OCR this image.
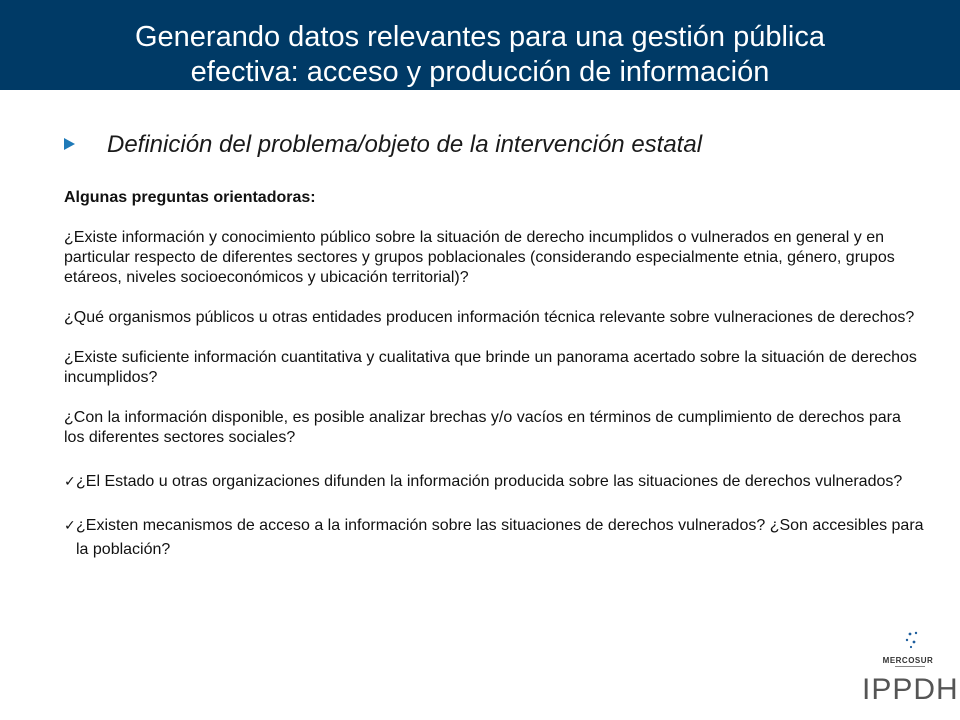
Generando datos relevantes para una gestión pública
efectiva: acceso y producción de información
Definición del problema/objeto de la intervención estatal

Algunas preguntas orientadoras:

¿Existe información y conocimiento público sobre la situación de derecho incumplidos o vulnerados en general y en particular respecto de diferentes sectores y grupos poblacionales (considerando especialmente etnia, género, grupos etáreos, niveles socioeconómicos y ubicación territorial)?

¿Qué organismos públicos u otras entidades producen información técnica relevante sobre vulneraciones de derechos?

¿Existe suficiente información cuantitativa y cualitativa que brinde un panorama acertado sobre la situación de derechos incumplidos?

¿Con la información disponible, es posible analizar brechas y/o vacíos en términos de cumplimiento de derechos para los diferentes sectores sociales?

✓ ¿El Estado u otras organizaciones difunden la información producida sobre las situaciones de derechos vulnerados?

✓ ¿Existen mecanismos de acceso a la información sobre las situaciones de derechos vulnerados? ¿Son accesibles para la población?

MERCOSUR
IPPDH
